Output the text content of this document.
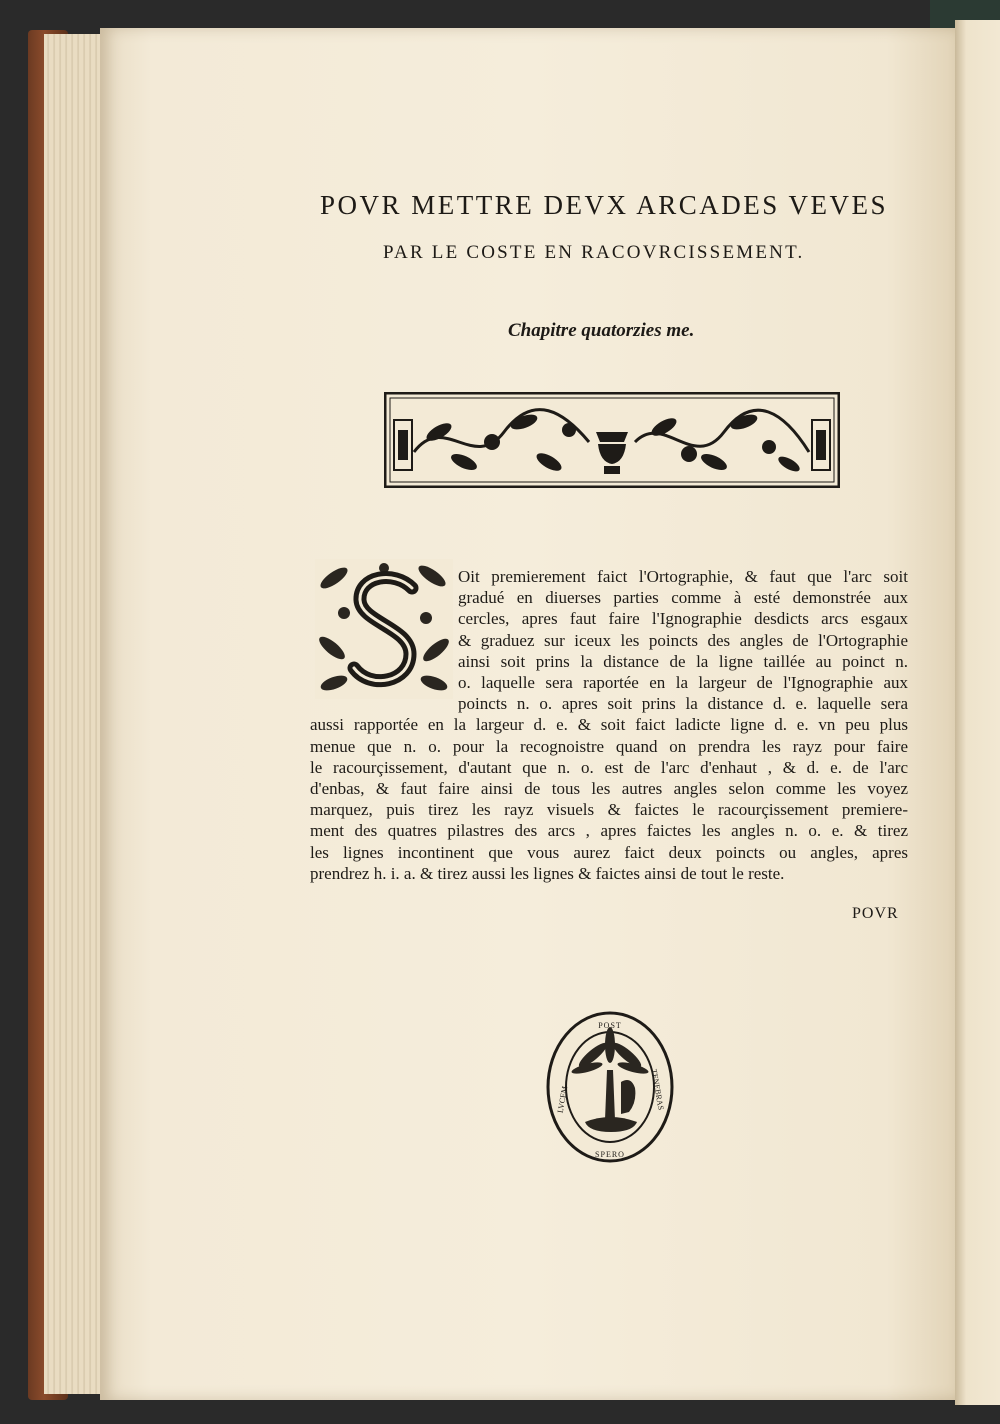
POVR METTRE DEVX ARCADES VEVES
PAR LE COSTE EN RACOVRCISSEMENT.
Chapitre quatorzies me.
Oit premierement faict l'Ortographie, & faut que l'arc soit
gradué en diuerses parties comme à esté demonstrée aux
cercles, apres faut faire l'Ignographie desdicts arcs esgaux
& graduez sur iceux les poincts des angles de l'Ortographie
ainsi soit prins la distance de la ligne taillée au poinct n.
o. laquelle sera raportée en la largeur de l'Ignographie aux
poincts n. o. apres soit prins la distance d. e. laquelle sera
aussi rapportée en la largeur d. e. & soit faict ladicte ligne d. e. vn peu plus
menue que n. o. pour la recognoistre quand on prendra les rayz pour faire
le racourçissement, d'autant que n. o. est de l'arc d'enhaut , & d. e. de l'arc
d'enbas, & faut faire ainsi de tous les autres angles selon comme les voyez
marquez, puis tirez les rayz visuels & faictes le racourçissement premiere-
ment des quatres pilastres des arcs , apres faictes les angles n. o. e. & tirez
les lignes incontinent que vous aurez faict deux poincts ou angles, apres
prendrez h. i. a. & tirez aussi les lignes & faictes ainsi de tout le reste.
POVR
POST
LVCEM	TENEBRAS
SPERO
